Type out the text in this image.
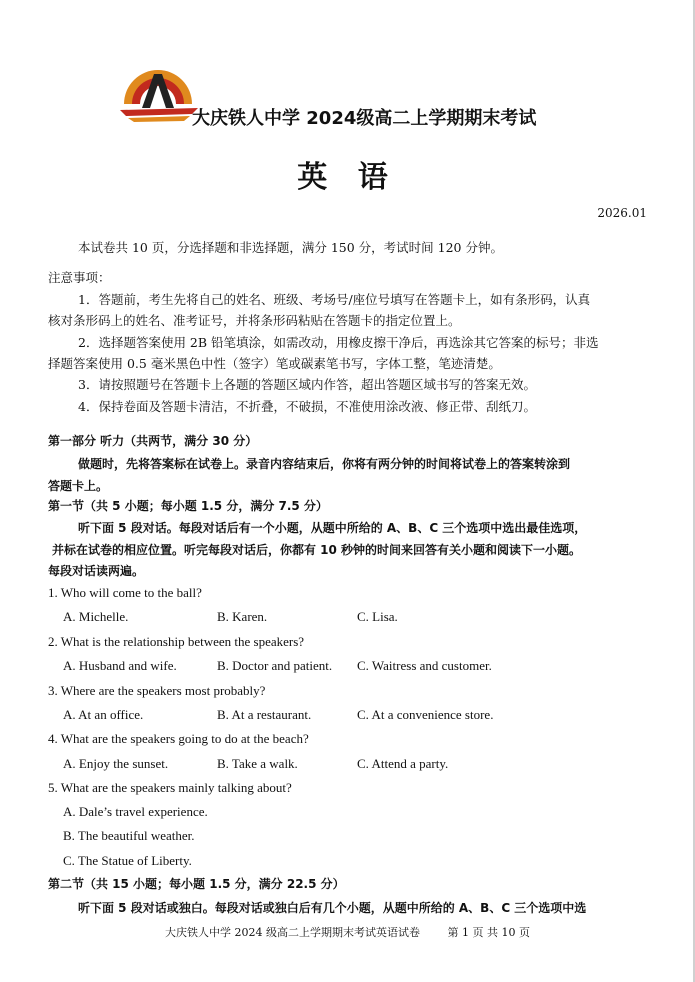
大庆铁人中学 2024级高二上学期期末考试
英 语
2026.01
本试卷共 10 页，分选择题和非选择题，满分 150 分，考试时间 120 分钟。
注意事项：
1．答题前，考生先将自己的姓名、班级、考场号/座位号填写在答题卡上，如有条形码，认真
核对条形码上的姓名、准考证号，并将条形码粘贴在答题卡的指定位置上。
2．选择题答案使用 2B 铅笔填涂，如需改动，用橡皮擦干净后，再选涂其它答案的标号；非选
择题答案使用 0.5 毫米黑色中性（签字）笔或碳素笔书写，字体工整，笔迹清楚。
3．请按照题号在答题卡上各题的答题区域内作答，超出答题区域书写的答案无效。
4．保持卷面及答题卡清洁，不折叠，不破损，不准使用涂改液、修正带、刮纸刀。
第一部分 听力（共两节，满分 30 分）
做题时，先将答案标在试卷上。录音内容结束后，你将有两分钟的时间将试卷上的答案转涂到
答题卡上。
第一节（共 5 小题；每小题 1.5 分，满分 7.5 分）
听下面 5 段对话。每段对话后有一个小题，从题中所给的 A、B、C 三个选项中选出最佳选项，
并标在试卷的相应位置。听完每段对话后，你都有 10 秒钟的时间来回答有关小题和阅读下一小题。
每段对话读两遍。
1. Who will come to the ball?
A. Michelle.	B. Karen.	C. Lisa.
2. What is the relationship between the speakers?
A. Husband and wife.	B. Doctor and patient. C. Waitress and customer.
3. Where are the speakers most probably?
A. At an office.	B. At a restaurant.	C. At a convenience store.
4. What are the speakers going to do at the beach?
A. Enjoy the sunset.	B. Take a walk.	C. Attend a party.
5. What are the speakers mainly talking about?
A. Dale’s travel experience.
B. The beautiful weather.
C. The Statue of Liberty.
第二节（共 15 小题；每小题 1.5 分，满分 22.5 分）
听下面 5 段对话或独白。每段对话或独白后有几个小题，从题中所给的 A、B、C 三个选项中选
大庆铁人中学 2024 级高二上学期期末考试英语试卷	第 1 页 共 10 页
